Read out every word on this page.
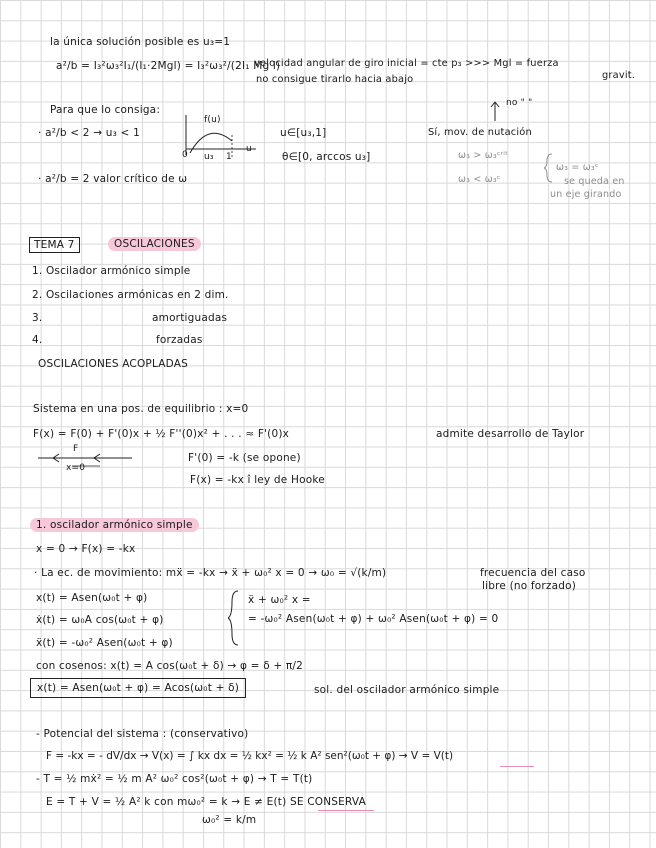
la única solución posible es u₃=1
a²/b = I₃²ω₃²I₁/(I₁·2Mgl) = I₃²ω₃²/(2I₁ Mg l)
velocidad angular de giro inicial = cte p₃ >>> Mgl = fuerza
gravit.
no consigue tirarlo hacia abajo
Para que lo consiga:
· a²/b < 2 → u₃ < 1
f(u)
0 u₃ 1
u
u∈[u₃,1]
θ∈[0, arccos u₃]
Sí, mov. de nutación
no " "
ω₃ > ω₃ᶜʳⁱᵗ
ω₃ < ω₃ᶜ
ω₃ = ω₃ᶜ
se queda en
un eje girando
· a²/b = 2 valor crítico de ω
TEMA 7	OSCILACIONES
1. Oscilador armónico simple
2. Oscilaciones armónicas en 2 dim.
3.	amortiguadas
4.	forzadas
OSCILACIONES ACOPLADAS
Sistema en una pos. de equilibrio : x=0
F(x) = F(0) + F'(0)x + ½ F''(0)x² + . . . ≈ F'(0)x	admite desarrollo de Taylor
F
x=0
F'(0) = -k (se opone)
F(x) = -kx î ley de Hooke
1. oscilador armónico simple
x = 0 → F(x) = -kx
· La ec. de movimiento: mẍ = -kx → ẍ + ω₀² x = 0 → ω₀ = √(k/m)	frecuencia del caso
libre (no forzado)
x(t) = Asen(ω₀t + φ)
ẋ(t) = ω₀A cos(ω₀t + φ)
ẍ(t) = -ω₀² Asen(ω₀t + φ)
ẍ + ω₀² x =
= -ω₀² Asen(ω₀t + φ) + ω₀² Asen(ω₀t + φ) = 0
con cosenos: x(t) = A cos(ω₀t + δ) → φ = δ + π/2
x(t) = Asen(ω₀t + φ) = Acos(ω₀t + δ)	sol. del oscilador armónico simple
- Potencial del sistema : (conservativo)
F = -kx = - dV/dx → V(x) = ∫ kx dx = ½ kx² = ½ k A² sen²(ω₀t + φ) → V = V(t)
- T = ½ mẋ² = ½ m A² ω₀² cos²(ω₀t + φ) → T = T(t)
E = T + V = ½ A² k con mω₀² = k → E ≠ E(t) SE CONSERVA
ω₀² = k/m
